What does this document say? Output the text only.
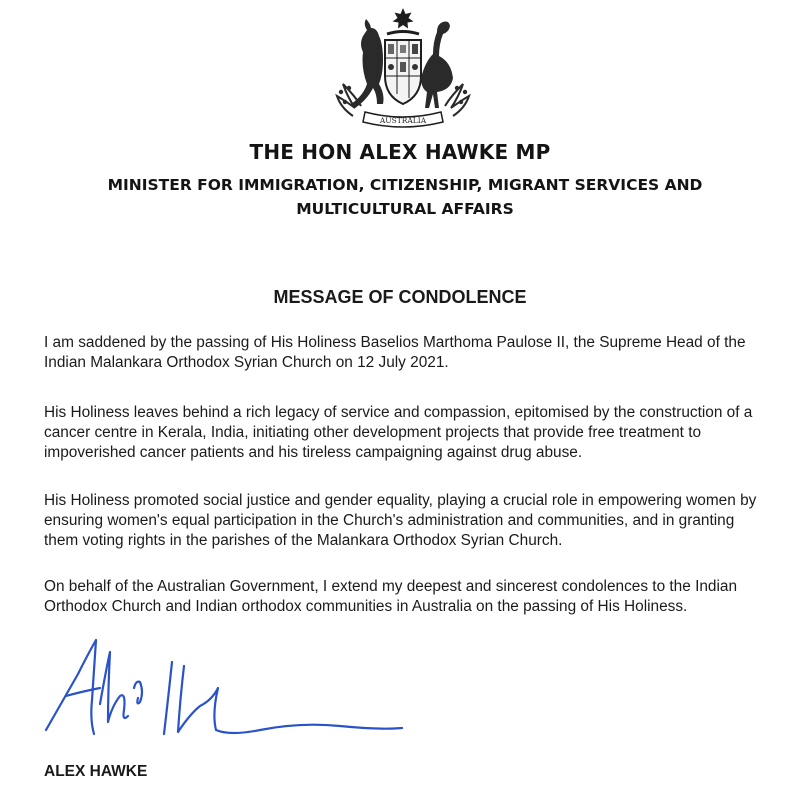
AUSTRALIA
THE HON ALEX HAWKE MP
MINISTER FOR IMMIGRATION, CITIZENSHIP, MIGRANT SERVICES AND
MULTICULTURAL AFFAIRS
MESSAGE OF CONDOLENCE

I am saddened by the passing of His Holiness Baselios Marthoma Paulose II, the Supreme Head of the Indian Malankara Orthodox Syrian Church on 12 July 2021.

His Holiness leaves behind a rich legacy of service and compassion, epitomised by the construction of a cancer centre in Kerala, India, initiating other development projects that provide free treatment to impoverished cancer patients and his tireless campaigning against drug abuse.

His Holiness promoted social justice and gender equality, playing a crucial role in empowering women by ensuring women's equal participation in the Church's administration and communities, and in granting them voting rights in the parishes of the Malankara Orthodox Syrian Church.

On behalf of the Australian Government, I extend my deepest and sincerest condolences to the Indian Orthodox Church and Indian orthodox communities in Australia on the passing of His Holiness.

ALEX HAWKE
